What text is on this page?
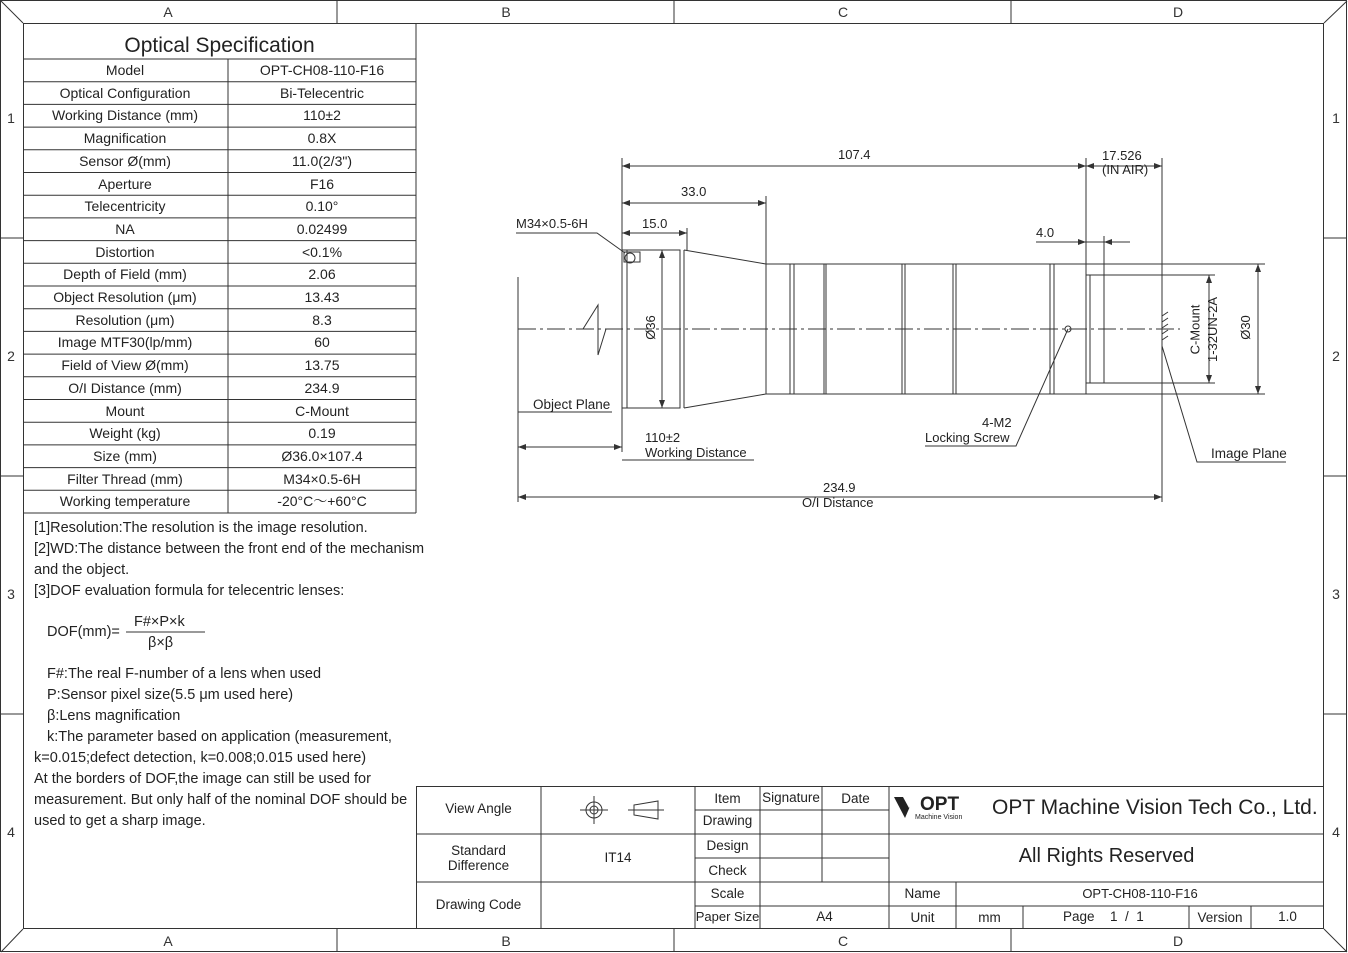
A	B	C	D
A	B	C	D
1
2
3
4
1
2
3
4
Optical Specification
Model	OPT-CH08-110-F16
Optical Configuration	Bi-Telecentric
Working Distance (mm)	110±2
Magnification	0.8X
Sensor Ø(mm)	11.0(2/3")
Aperture	F16
Telecentricity	0.10°
NA	0.02499
Distortion	<0.1%
Depth of Field (mm)	2.06
Object Resolution (μm)	13.43
Resolution (μm)	8.3
Image MTF30(lp/mm)	60
Field of View Ø(mm)	13.75
O/I Distance (mm)	234.9
Mount	C-Mount
Weight (kg)	0.19
Size (mm)	Ø36.0×107.4
Filter Thread (mm)	M34×0.5-6H
Working temperature	-20°C～+60°C
[1]Resolution:The resolution is the image resolution.
[2]WD:The distance between the front end of the mechanism
and the object.
[3]DOF evaluation formula for telecentric lenses:
DOF(mm)=
F#×P×k
β×β
F#:The real F-number of a lens when used
P:Sensor pixel size(5.5 μm used here)
β:Lens magnification
k:The parameter based on application (measurement,
k=0.015;defect detection, k=0.008;0.015 used here)
At the borders of DOF,the image can still be used for
measurement. But only half of the nominal DOF should be
used to get a sharp image.
107.4
33.0
15.0
M34×0.5-6H
17.526
(IN AIR)
4.0
Ø36	Ø30
C-Mount 1-32UN-2A
Object Plane
110±2
Working Distance
4-M2
Locking Screw
Image Plane
234.9
O/I Distance
View Angle
Standard
Difference
IT14
Drawing Code
Item	Signature	Date
Drawing
Design
Check
Scale
Paper Size	A4
OPT
Machine Vision OPT Machine Vision Tech Co., Ltd.
All Rights Reserved
Name	OPT-CH08-110-F16
Unit	mm	Page 1  /  1	Version	1.0
